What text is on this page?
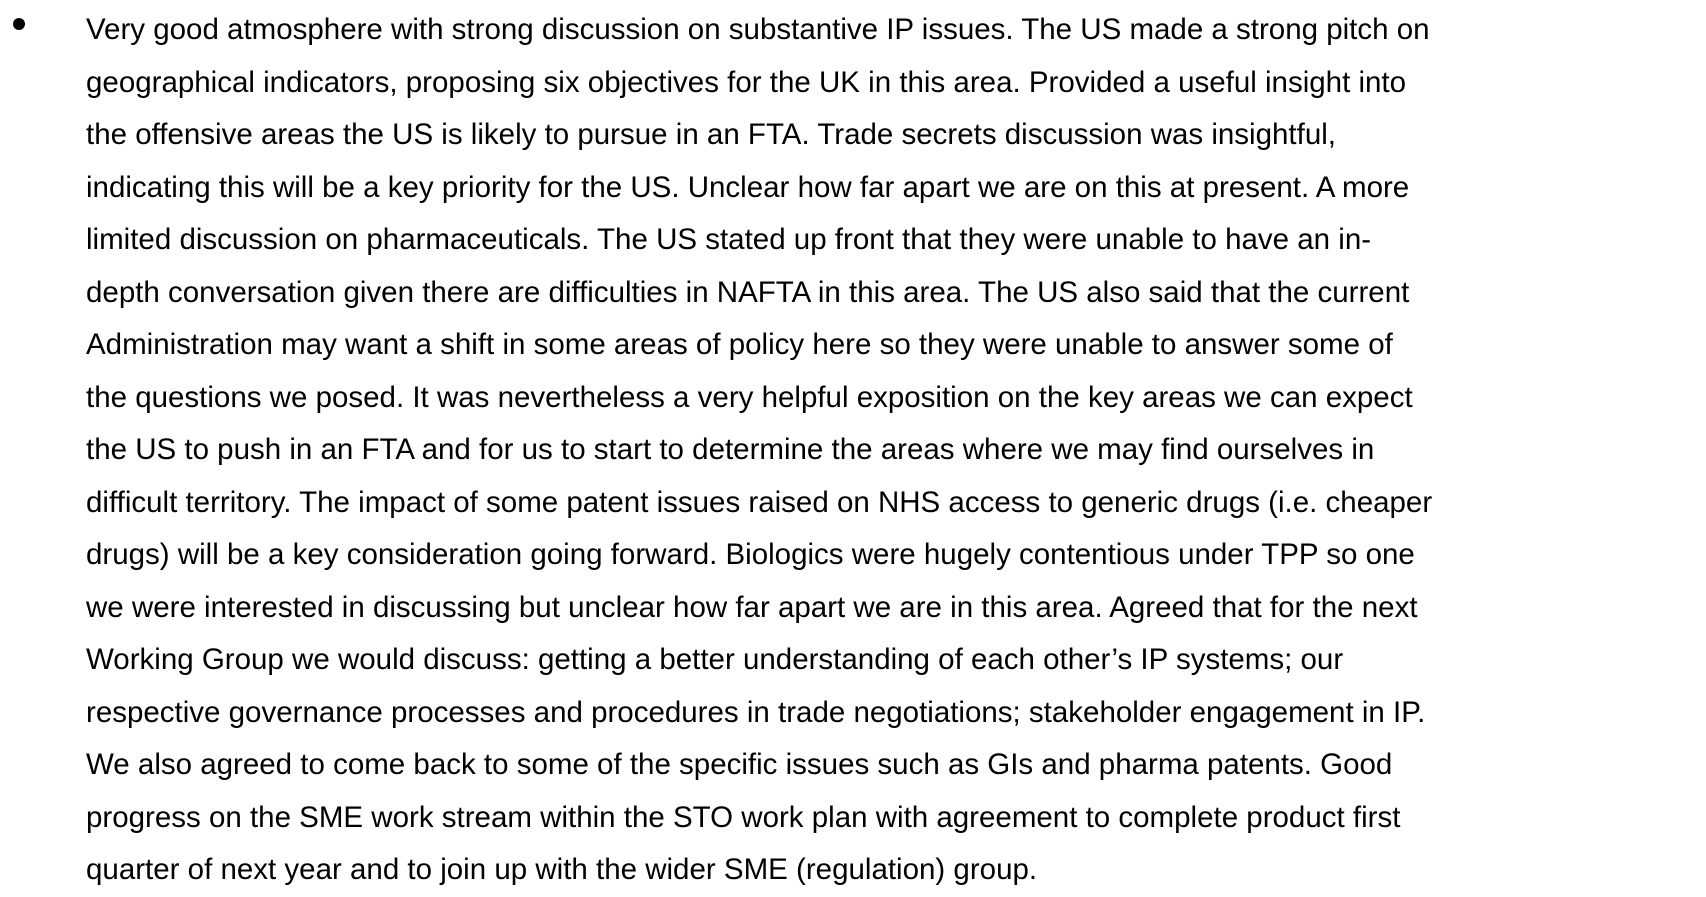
Very good atmosphere with strong discussion on substantive IP issues. The US made a strong pitch on
geographical indicators, proposing six objectives for the UK in this area. Provided a useful insight into
the offensive areas the US is likely to pursue in an FTA. Trade secrets discussion was insightful,
indicating this will be a key priority for the US. Unclear how far apart we are on this at present. A more
limited discussion on pharmaceuticals. The US stated up front that they were unable to have an in-
depth conversation given there are difficulties in NAFTA in this area. The US also said that the current
Administration may want a shift in some areas of policy here so they were unable to answer some of
the questions we posed. It was nevertheless a very helpful exposition on the key areas we can expect
the US to push in an FTA and for us to start to determine the areas where we may find ourselves in
difficult territory. The impact of some patent issues raised on NHS access to generic drugs (i.e. cheaper
drugs) will be a key consideration going forward. Biologics were hugely contentious under TPP so one
we were interested in discussing but unclear how far apart we are in this area. Agreed that for the next
Working Group we would discuss: getting a better understanding of each other’s IP systems; our
respective governance processes and procedures in trade negotiations; stakeholder engagement in IP.
We also agreed to come back to some of the specific issues such as GIs and pharma patents. Good
progress on the SME work stream within the STO work plan with agreement to complete product first
quarter of next year and to join up with the wider SME (regulation) group.
